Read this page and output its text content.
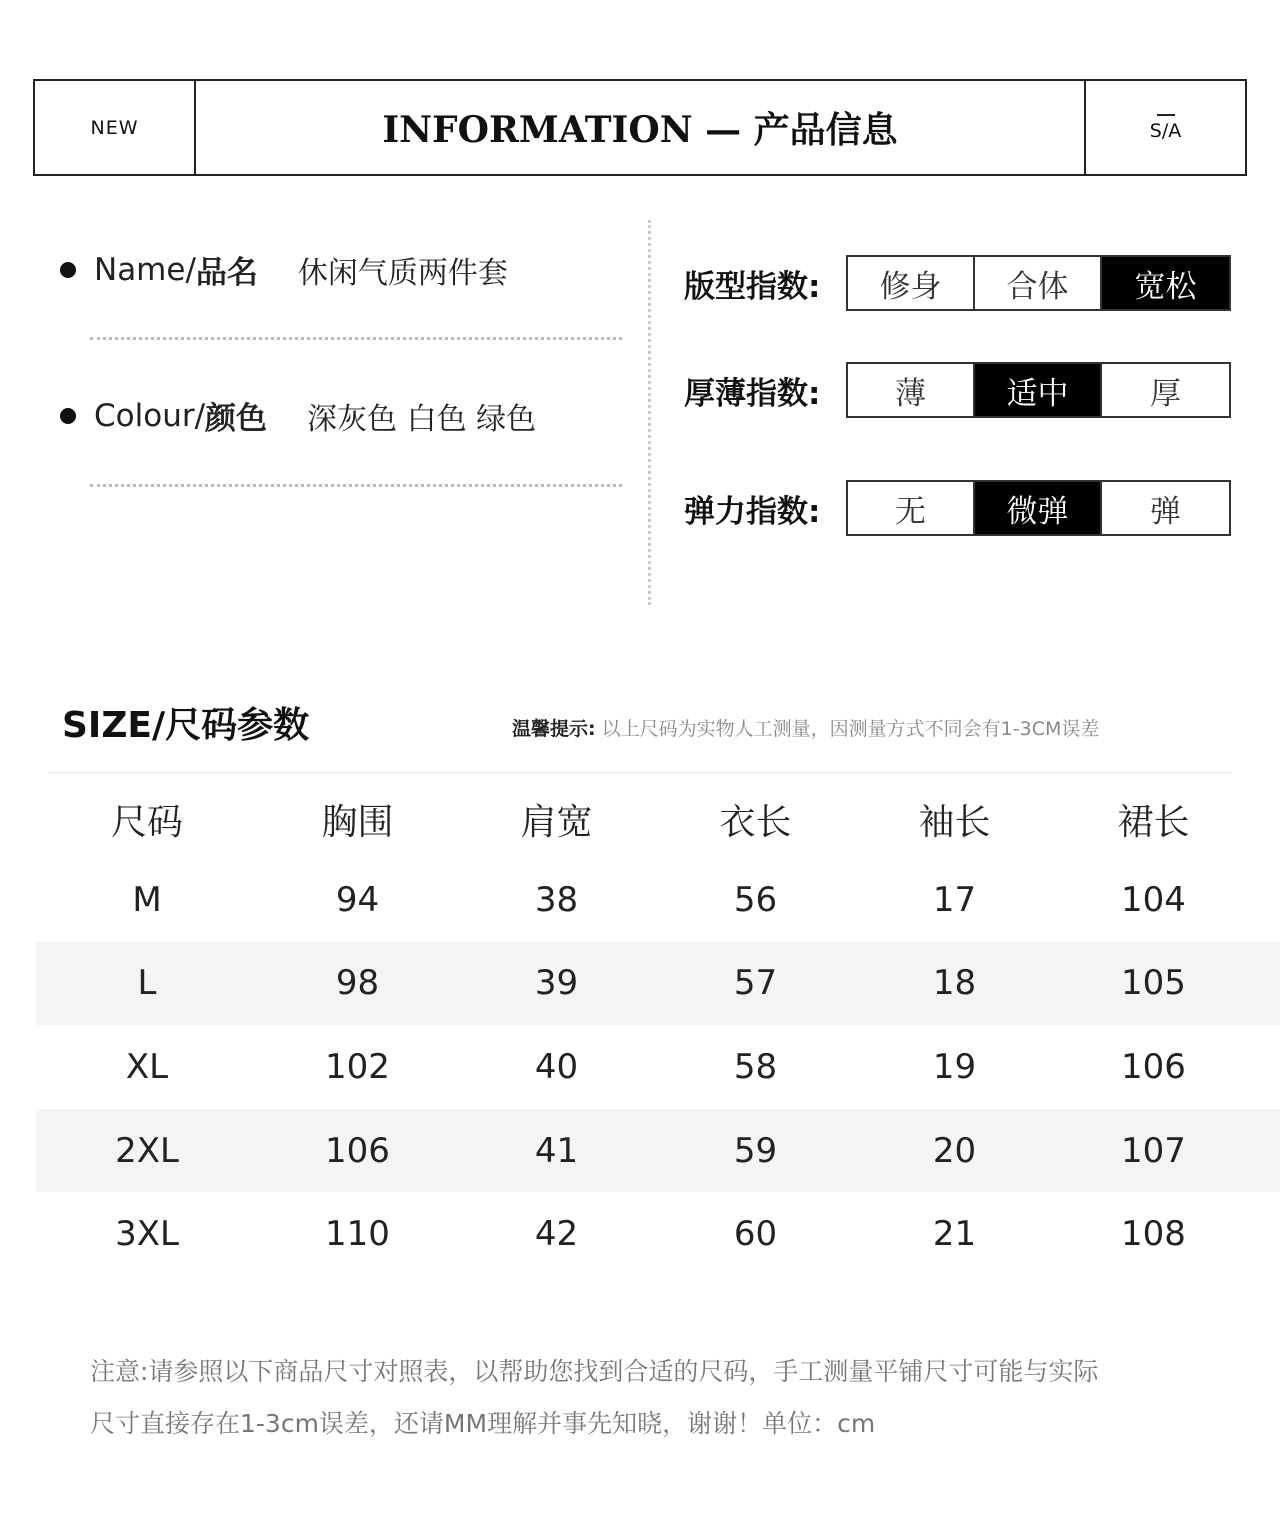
NEW	INFORMATION — 产品信息	S/A
Name/ 品名 休闲气质两件套
Colour/ 颜色 深灰色 白色 绿色
版型指数:	修身	合体	宽松
厚薄指数:	薄	适中	厚
弹力指数:	无	微弹	弹
SIZE/尺码参数	温馨提示: 以上尺码为实物人工测量，因测量方式不同会有1-3CM误差
尺码	胸围	肩宽	衣长	袖长	裙长
M	94	38	56	17	104
L	98	39	57	18	105
XL	102	40	58	19	106
2XL	106	41	59	20	107
3XL	110	42	60	21	108
注意:请参照以下商品尺寸对照表，以帮助您找到合适的尺码，手工测量平铺尺寸可能与实际
尺寸直接存在1-3cm误差，还请MM理解并事先知晓，谢谢！单位：cm
